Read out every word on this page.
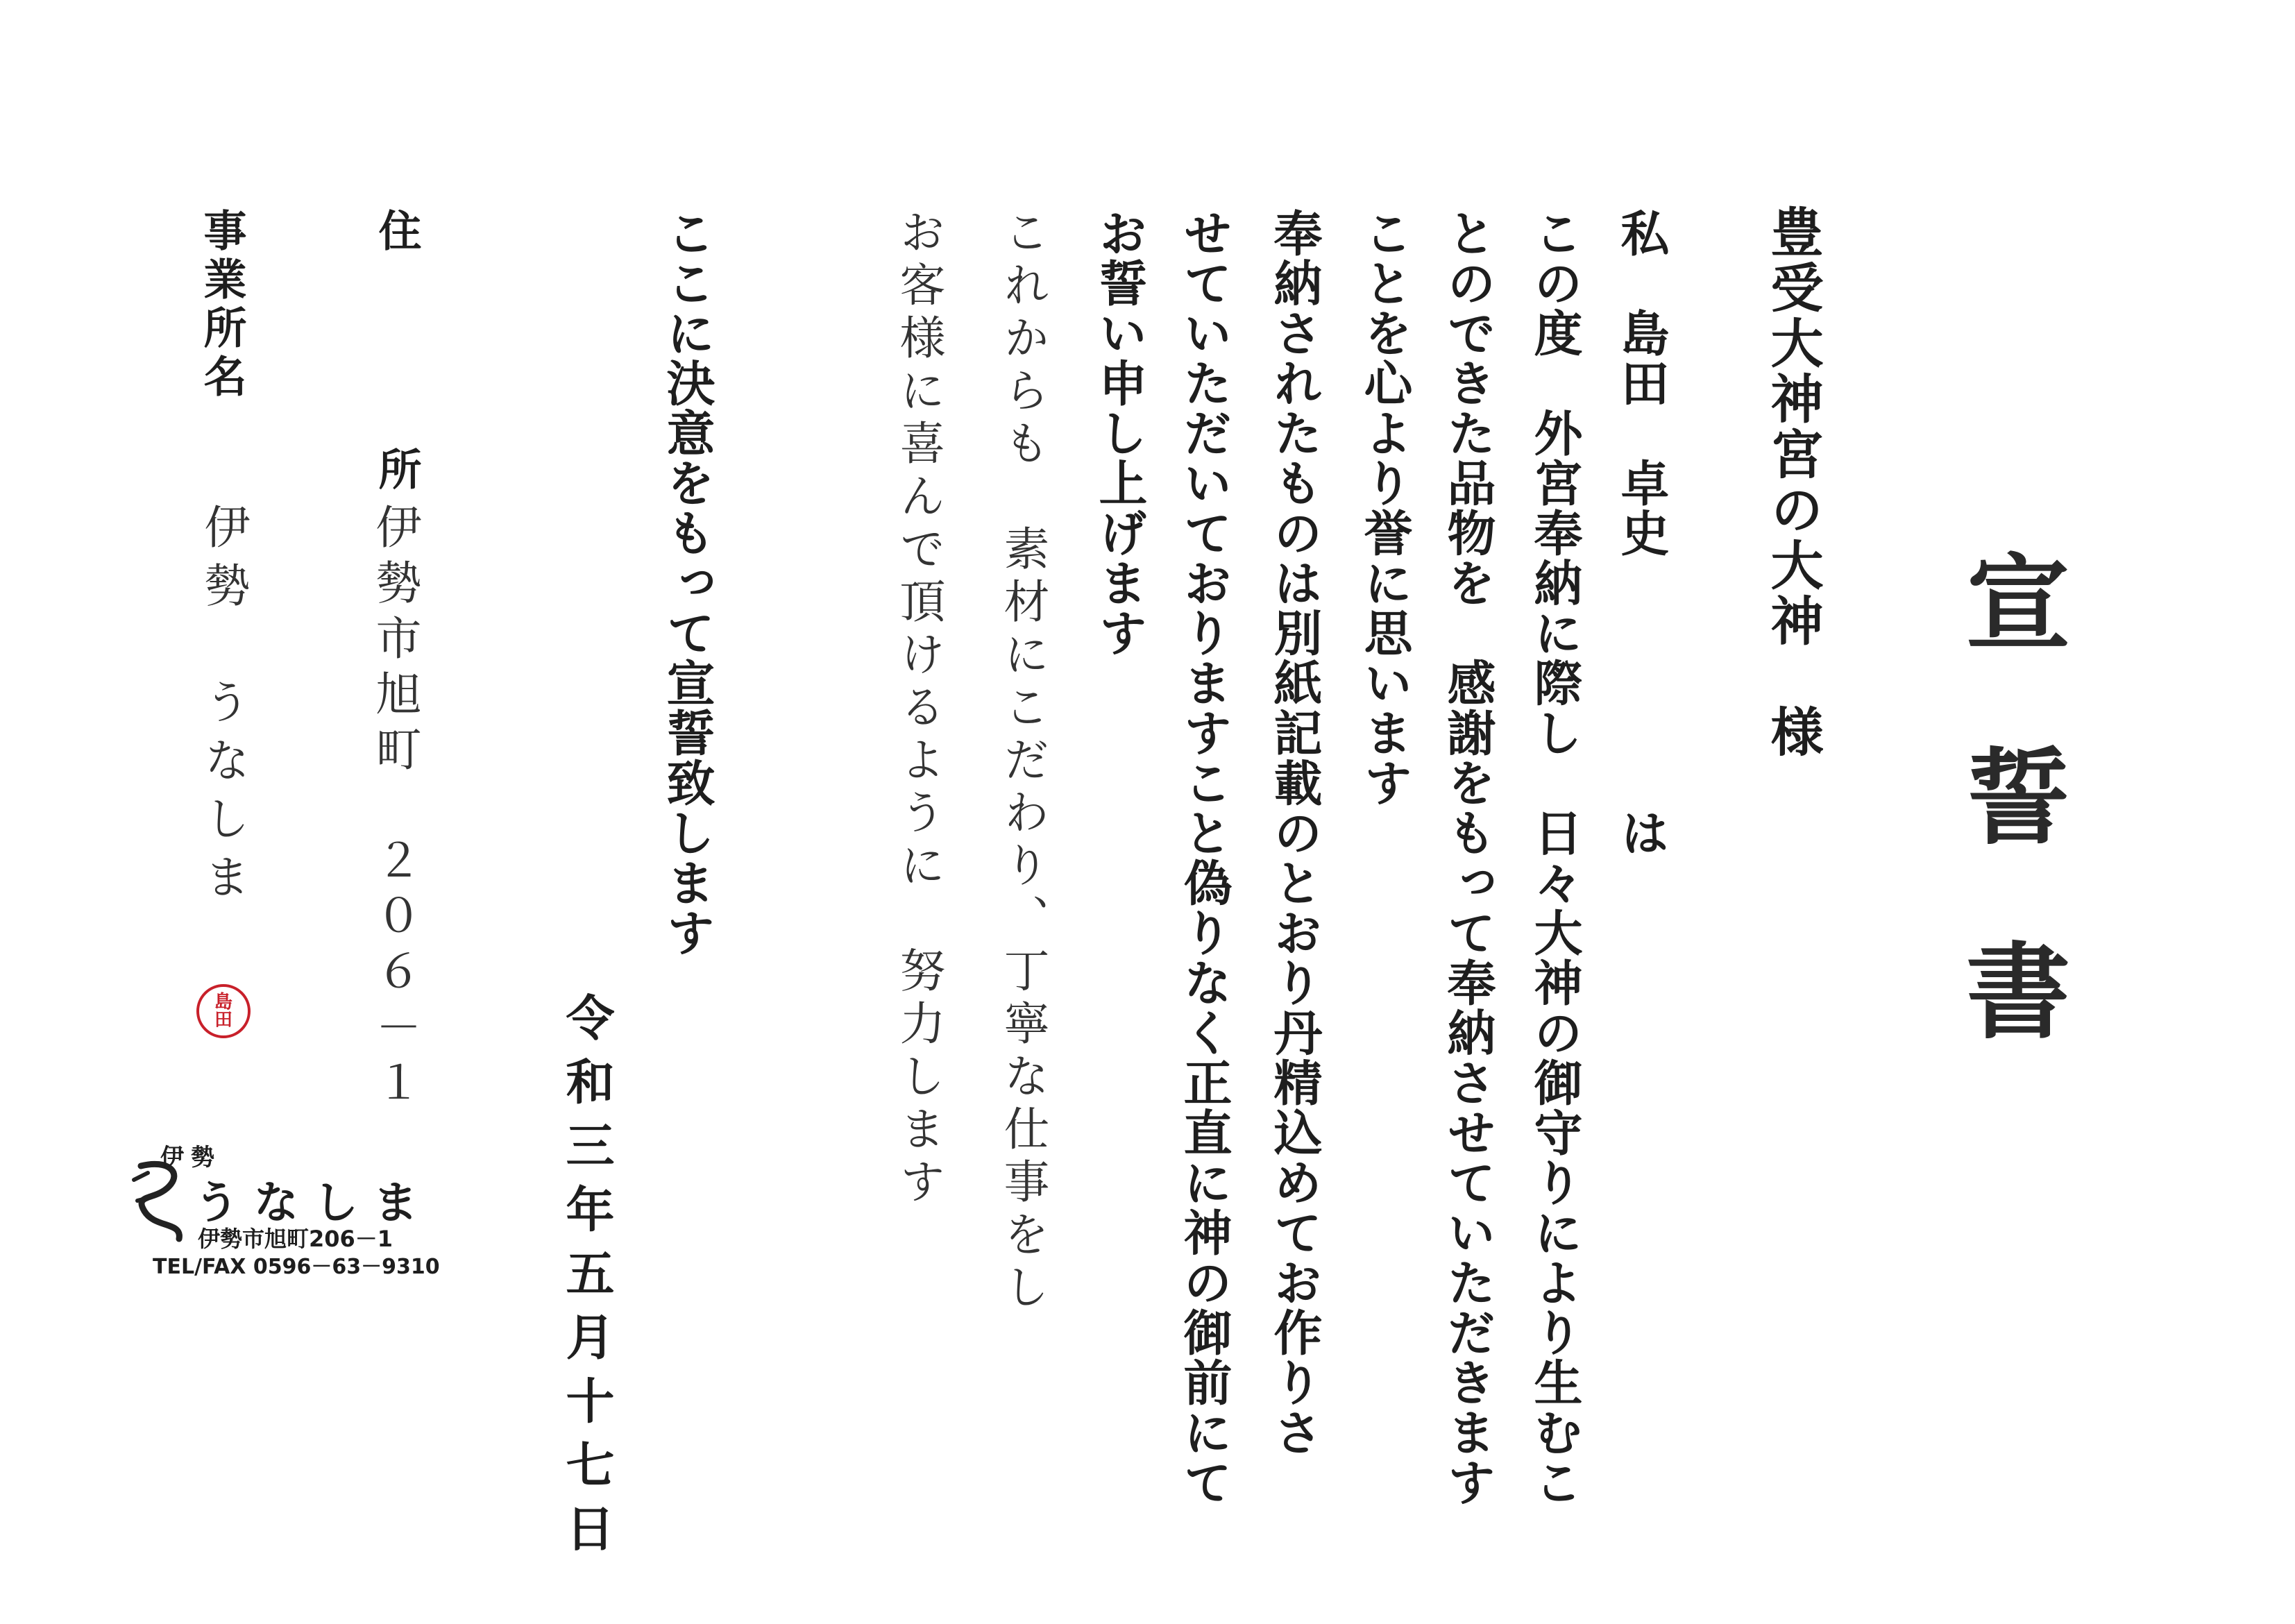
宣誓書
豊受大神宮の大神　様
私　島田　卓史　　　　　は
この度　外宮奉納に際し　日々大神の御守りにより生むこ
とのできた品物を　感謝をもって奉納させていただきます
ことを心より誉に思います
奉納されたものは別紙記載のとおり丹精込めてお作りさ
せていただいておりますこと偽りなく正直に神の御前にて
お誓い申し上げます
これからも　素材にこだわり、丁寧な仕事をし
お客様に喜んで頂けるように　努力します
ここに決意をもって宣誓致します
令和三年五月十七日
住　所
伊勢市旭町　２０６－１
事業所名
伊勢　うなしま
島
田
伊勢
うなしま
伊勢市旭町206－1
TEL/FAX 0596－63－9310
